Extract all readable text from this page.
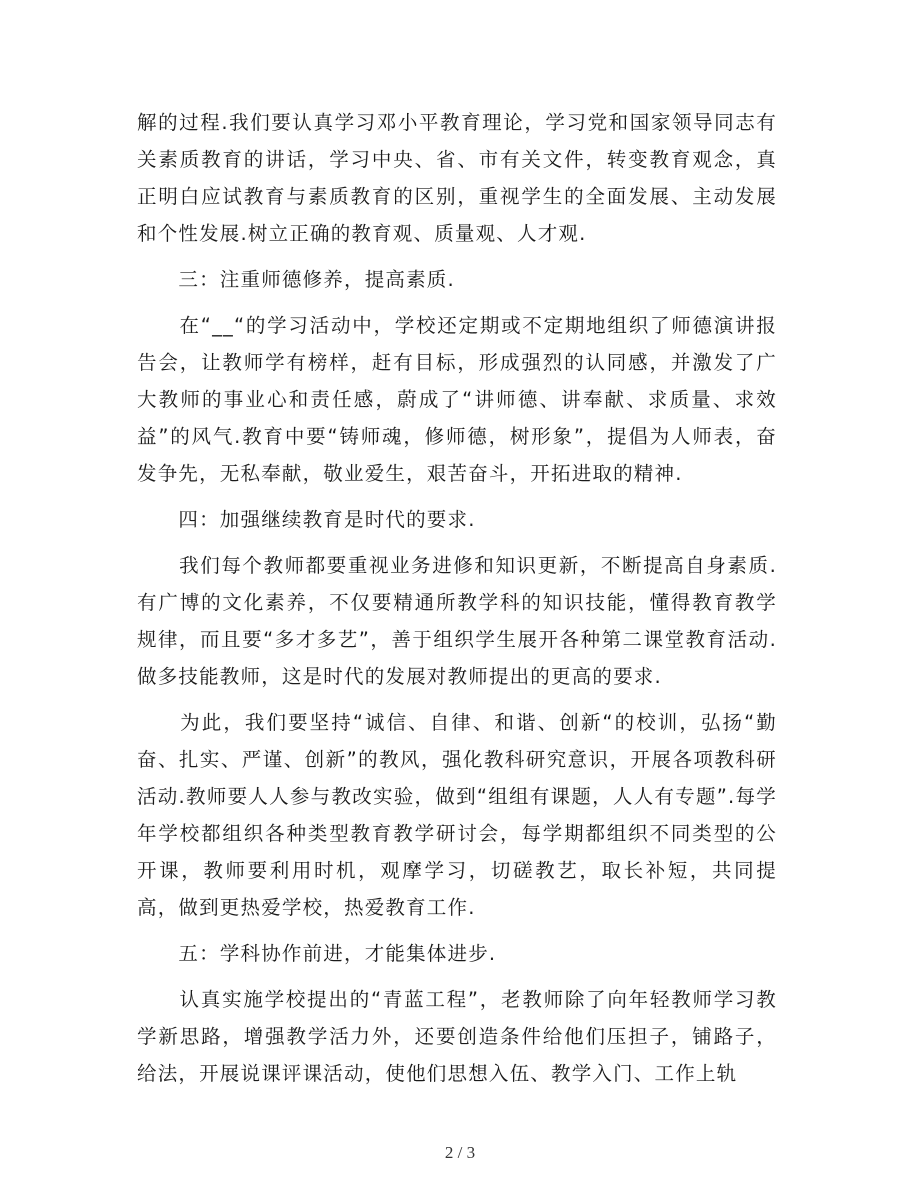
解的过程.我们要认真学习邓小平教育理论，学习党和国家领导同志有关素质教育的讲话，学习中央、省、市有关文件，转变教育观念，真正明白应试教育与素质教育的区别，重视学生的全面发展、主动发展和个性发展.树立正确的教育观、质量观、人才观.

　　三：注重师德修养，提高素质.

　　在“__“的学习活动中，学校还定期或不定期地组织了师德演讲报告会，让教师学有榜样，赶有目标，形成强烈的认同感，并激发了广大教师的事业心和责任感，蔚成了“讲师德、讲奉献、求质量、求效益”的风气.教育中要“铸师魂，修师德，树形象”，提倡为人师表，奋发争先，无私奉献，敬业爱生，艰苦奋斗，开拓进取的精神.

　　四：加强继续教育是时代的要求.

　　我们每个教师都要重视业务进修和知识更新，不断提高自身素质.有广博的文化素养，不仅要精通所教学科的知识技能，懂得教育教学规律，而且要“多才多艺”，善于组织学生展开各种第二课堂教育活动.做多技能教师，这是时代的发展对教师提出的更高的要求.

　　为此，我们要坚持“诚信、自律、和谐、创新“的校训，弘扬“勤奋、扎实、严谨、创新”的教风，强化教科研究意识，开展各项教科研活动.教师要人人参与教改实验，做到“组组有课题，人人有专题”.每学年学校都组织各种类型教育教学研讨会，每学期都组织不同类型的公开课，教师要利用时机，观摩学习，切磋教艺，取长补短，共同提高，做到更热爱学校，热爱教育工作.

　　五：学科协作前进，才能集体进步.

　　认真实施学校提出的“青蓝工程”，老教师除了向年轻教师学习教学新思路，增强教学活力外，还要创造条件给他们压担子，铺路子，给法，开展说课评课活动，使他们思想入伍、教学入门、工作上轨

2 / 3
